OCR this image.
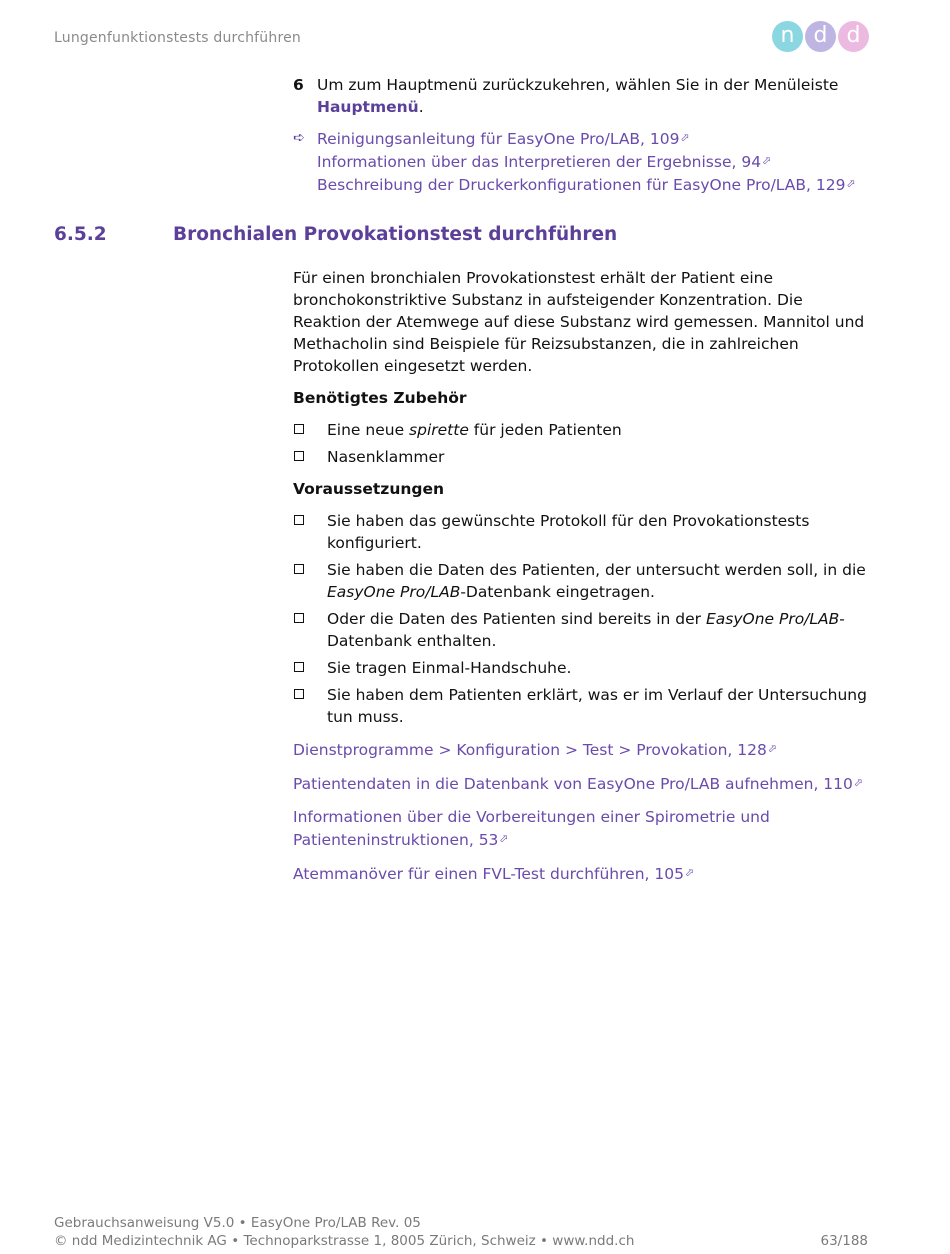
Lungenfunktionstests durchführen	n d d
6 Um zum Hauptmenü zurückzukehren, wählen Sie in der Menüleiste Hauptmenü.
➪ Reinigungsanleitung für EasyOne Pro/LAB, 109⬀
Informationen über das Interpretieren der Ergebnisse, 94⬀
Beschreibung der Druckerkonfigurationen für EasyOne Pro/LAB, 129⬀
6.5.2	Bronchialen Provokationstest durchführen

Für einen bronchialen Provokationstest erhält der Patient eine bronchokonstriktive Substanz in aufsteigender Konzentration. Die Reaktion der Atemwege auf diese Substanz wird gemessen. Mannitol und Methacholin sind Beispiele für Reizsubstanzen, die in zahlreichen Protokollen eingesetzt werden.

Benötigtes Zubehör
Eine neue spirette für jeden Patienten
Nasenklammer
Voraussetzungen
Sie haben das gewünschte Protokoll für den Provokationstests konfiguriert.
Sie haben die Daten des Patienten, der untersucht werden soll, in die EasyOne Pro/LAB-Datenbank eingetragen.
Oder die Daten des Patienten sind bereits in der EasyOne Pro/LAB-Datenbank enthalten.
Sie tragen Einmal-Handschuhe.
Sie haben dem Patienten erklärt, was er im Verlauf der Untersuchung tun muss.
Dienstprogramme > Konfiguration > Test > Provokation, 128⬀
Patientendaten in die Datenbank von EasyOne Pro/LAB aufnehmen, 110⬀
Informationen über die Vorbereitungen einer Spirometrie und Patienteninstruktionen, 53⬀
Atemmanöver für einen FVL-Test durchführen, 105⬀
Gebrauchsanweisung V5.0 • EasyOne Pro/LAB Rev. 05
© ndd Medizintechnik AG • Technoparkstrasse 1, 8005 Zürich, Schweiz • www.ndd.ch	63/188
